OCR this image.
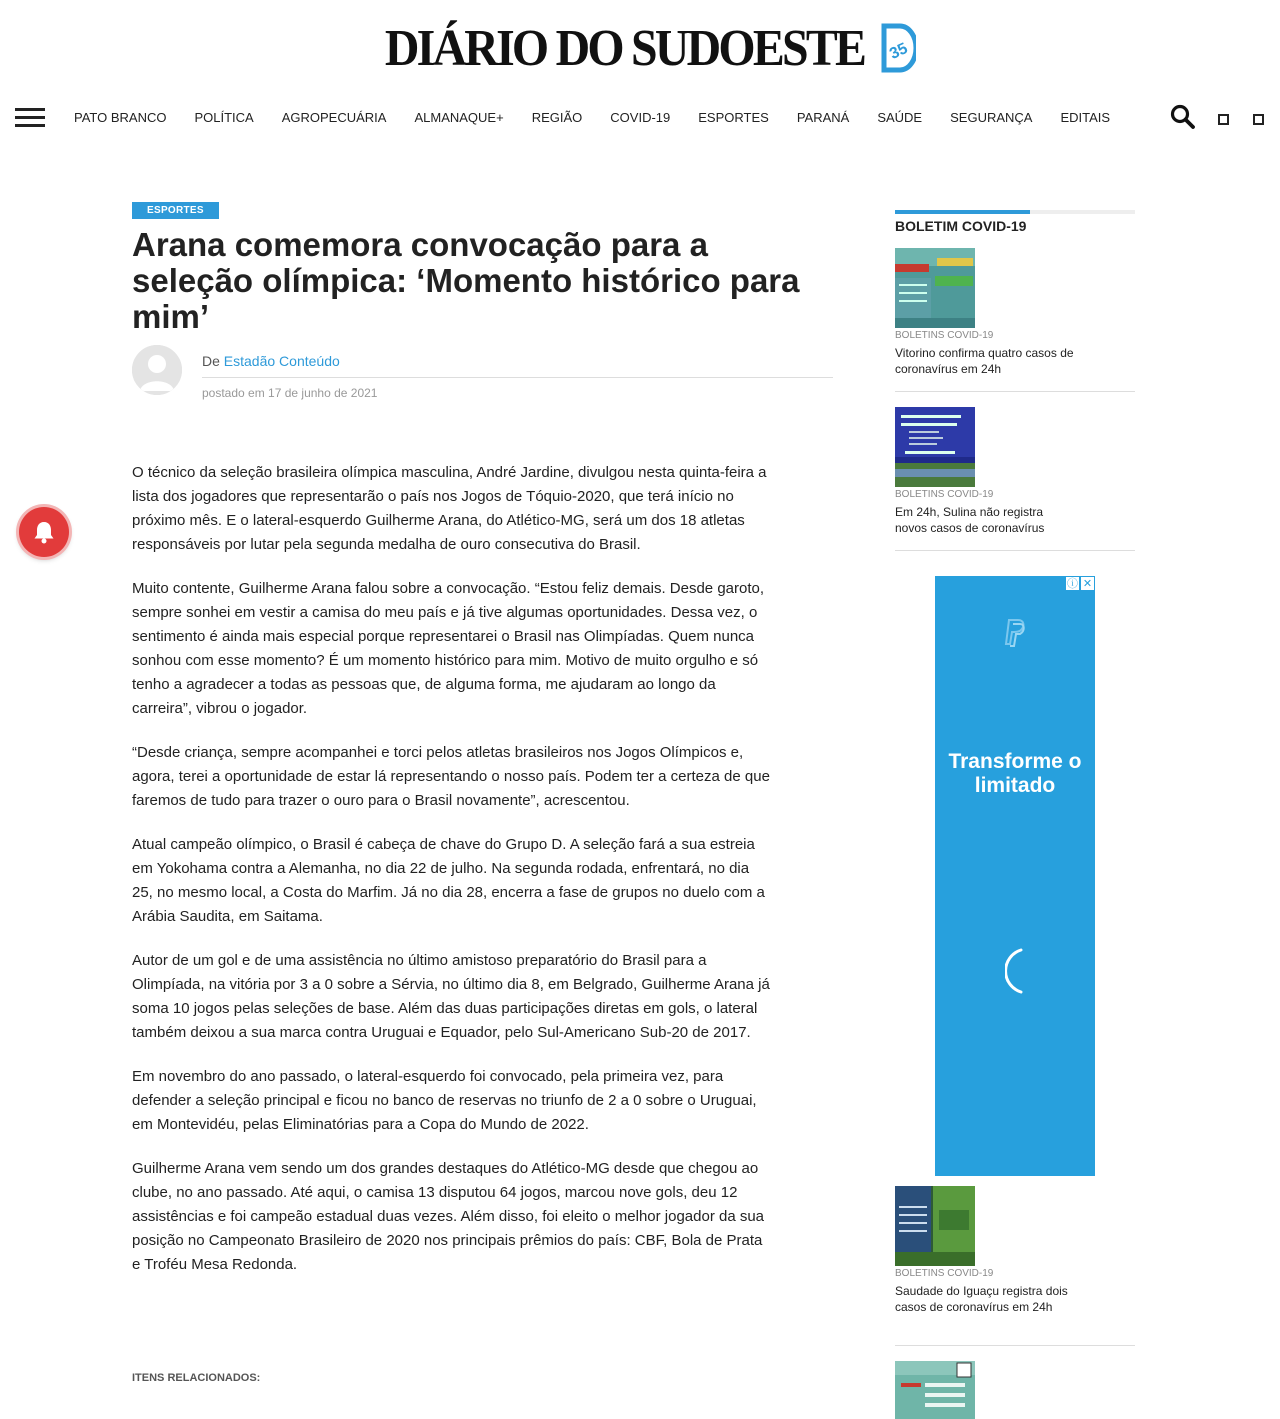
DIÁRIO DO SUDOESTE 35
PATO BRANCO	POLÍTICA	AGROPECUÁRIA	ALMANAQUE+	REGIÃO	COVID-19	ESPORTES	PARANÁ	SAÚDE	SEGURANÇA	EDITAIS
ESPORTES
Arana comemora convocação para a seleção olímpica: ‘Momento histórico para mim’
De Estadão Conteúdo
postado em 17 de junho de 2021

O técnico da seleção brasileira olímpica masculina, André Jardine, divulgou nesta quinta-feira a lista dos jogadores que representarão o país nos Jogos de Tóquio-2020, que terá início no próximo mês. E o lateral-esquerdo Guilherme Arana, do Atlético-MG, será um dos 18 atletas responsáveis por lutar pela segunda medalha de ouro consecutiva do Brasil.

Muito contente, Guilherme Arana falou sobre a convocação. “Estou feliz demais. Desde garoto, sempre sonhei em vestir a camisa do meu país e já tive algumas oportunidades. Dessa vez, o sentimento é ainda mais especial porque representarei o Brasil nas Olimpíadas. Quem nunca sonhou com esse momento? É um momento histórico para mim. Motivo de muito orgulho e só tenho a agradecer a todas as pessoas que, de alguma forma, me ajudaram ao longo da carreira”, vibrou o jogador.

“Desde criança, sempre acompanhei e torci pelos atletas brasileiros nos Jogos Olímpicos e, agora, terei a oportunidade de estar lá representando o nosso país. Podem ter a certeza de que faremos de tudo para trazer o ouro para o Brasil novamente”, acrescentou.

Atual campeão olímpico, o Brasil é cabeça de chave do Grupo D. A seleção fará a sua estreia em Yokohama contra a Alemanha, no dia 22 de julho. Na segunda rodada, enfrentará, no dia 25, no mesmo local, a Costa do Marfim. Já no dia 28, encerra a fase de grupos no duelo com a Arábia Saudita, em Saitama.

Autor de um gol e de uma assistência no último amistoso preparatório do Brasil para a Olimpíada, na vitória por 3 a 0 sobre a Sérvia, no último dia 8, em Belgrado, Guilherme Arana já soma 10 jogos pelas seleções de base. Além das duas participações diretas em gols, o lateral também deixou a sua marca contra Uruguai e Equador, pelo Sul-Americano Sub-20 de 2017.

Em novembro do ano passado, o lateral-esquerdo foi convocado, pela primeira vez, para defender a seleção principal e ficou no banco de reservas no triunfo de 2 a 0 sobre o Uruguai, em Montevidéu, pelas Eliminatórias para a Copa do Mundo de 2022.

Guilherme Arana vem sendo um dos grandes destaques do Atlético-MG desde que chegou ao clube, no ano passado. Até aqui, o camisa 13 disputou 64 jogos, marcou nove gols, deu 12 assistências e foi campeão estadual duas vezes. Além disso, foi eleito o melhor jogador da sua posição no Campeonato Brasileiro de 2020 nos principais prêmios do país: CBF, Bola de Prata e Troféu Mesa Redonda.

ITENS RELACIONADOS:
BOLETIM COVID-19
BOLETINS COVID-19
Vitorino confirma quatro casos de coronavírus em 24h
BOLETINS COVID-19
Em 24h, Sulina não registra novos casos de coronavírus
ⓘ ✕
Transforme o limitado
BOLETINS COVID-19
Saudade do Iguaçu registra dois casos de coronavírus em 24h
